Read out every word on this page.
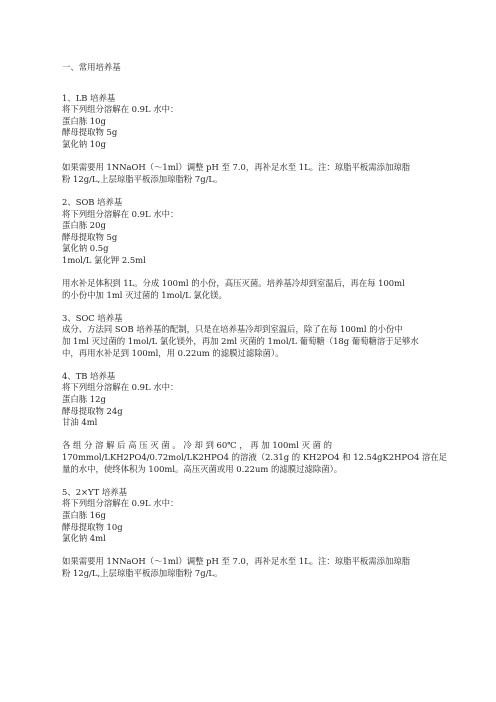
一、常用培养基
1、LB 培养基
将下列组分溶解在 0.9L 水中：
蛋白胨 10g
酵母提取物 5g
氯化钠 10g
如果需要用 1NNaOH（～1ml）调整 pH 至 7.0，再补足水至 1L。注：琼脂平板需添加琼脂
粉 12g/L,上层琼脂平板添加琼脂粉 7g/L。
2、SOB 培养基
将下列组分溶解在 0.9L 水中：
蛋白胨 20g
酵母提取物 5g
氯化钠 0.5g
1mol/L 氯化钾 2.5ml
用水补足体积到 1L。分成 100ml 的小份，高压灭菌。培养基冷却到室温后，再在每 100ml
的小份中加 1ml 灭过菌的 1mol/L 氯化镁。
3、SOC 培养基
成分、方法同 SOB 培养基的配制，只是在培养基冷却到室温后，除了在每 100ml 的小份中
加 1ml 灭过菌的 1mol/L 氯化镁外，再加 2ml 灭菌的 1mol/L 葡萄糖（18g 葡萄糖溶于足够水
中，再用水补足到 100ml，用 0.22um 的滤膜过滤除菌）。
4、TB 培养基
将下列组分溶解在 0.9L 水中：
蛋白胨 12g
酵母提取物 24g
甘油 4ml
各 组 分 溶 解 后 高 压 灭 菌 。 冷 却 到 60℃ ， 再 加 100ml 灭 菌 的
170mmol/LKH2PO4/0.72mol/LK2HPO4 的溶液（2.31g 的 KH2PO4 和 12.54gK2HPO4 溶在足
量的水中，使终体积为 100ml。高压灭菌或用 0.22um 的滤膜过滤除菌）。
5、2×YT 培养基
将下列组分溶解在 0.9L 水中：
蛋白胨 16g
酵母提取物 10g
氯化钠 4ml
如果需要用 1NNaOH（～1ml）调整 pH 至 7.0，再补足水至 1L。注：琼脂平板需添加琼脂
粉 12g/L,上层琼脂平板添加琼脂粉 7g/L。
